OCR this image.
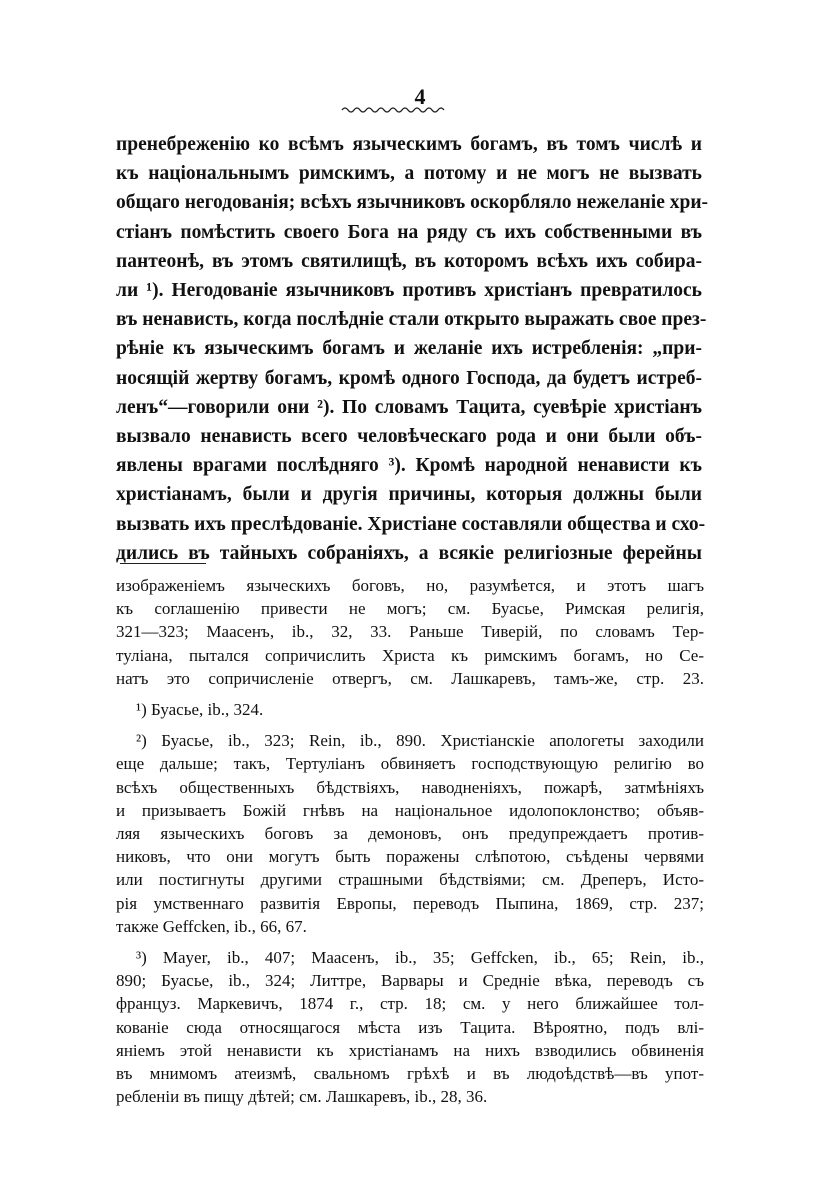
4
пренебреженію ко всѣмъ языческимъ богамъ, въ томъ числѣ и
къ національнымъ римскимъ, а потому и не могъ не вызвать
общаго негодованія; всѣхъ язычниковъ оскорбляло нежеланіе хри-
стіанъ помѣстить своего Бога на ряду съ ихъ собственными въ
пантеонѣ, въ этомъ святилищѣ, въ которомъ всѣхъ ихъ собира-
ли ¹). Негодованіе язычниковъ противъ христіанъ превратилось
въ ненависть, когда послѣдніе стали открыто выражать свое през-
рѣніе къ языческимъ богамъ и желаніе ихъ истребленія: „при-
носящій жертву богамъ, кромѣ одного Господа, да будетъ истреб-
ленъ“—говорили они ²). По словамъ Тацита, суевѣріе христіанъ
вызвало ненависть всего человѣческаго рода и они были объ-
явлены врагами послѣдняго ³). Кромѣ народной ненависти къ
христіанамъ, были и другія причины, которыя должны были
вызвать ихъ преслѣдованіе. Христіане составляли общества и схо-
дились въ тайныхъ собраніяхъ, а всякіе религіозные ферейны
изображеніемъ языческихъ боговъ, но, разумѣется, и этотъ шагъ
къ соглашенію привести не могъ; см. Буасье, Римская религія,
321—323; Маасенъ, ib., 32, 33. Раньше Тиверій, по словамъ Тер-
туліана, пытался сопричислить Христа къ римскимъ богамъ, но Се-
натъ это сопричисленіе отвергъ, см. Лашкаревъ, тамъ-же, стр. 23.
¹) Буасье, ib., 324.
²) Буасье, ib., 323; Rein, ib., 890. Христіанскіе апологеты заходили
еще дальше; такъ, Тертуліанъ обвиняетъ господствующую религію во
всѣхъ общественныхъ бѣдствіяхъ, наводненіяхъ, пожарѣ, затмѣніяхъ
и призываетъ Божій гнѣвъ на національное идолопоклонство; объяв-
ляя языческихъ боговъ за демоновъ, онъ предупреждаетъ против-
никовъ, что они могутъ быть поражены слѣпотою, съѣдены червями
или постигнуты другими страшными бѣдствіями; см. Дреперъ, Исто-
рія умственнаго развитія Европы, переводъ Пыпина, 1869, стр. 237;
также Geffcken, ib., 66, 67.
³) Mayer, ib., 407; Маасенъ, ib., 35; Geffcken, ib., 65; Rein, ib.,
890; Буасье, ib., 324; Литтре, Варвары и Средніе вѣка, переводъ съ
француз. Маркевичъ, 1874 г., стр. 18; см. у него ближайшее тол-
кованіе сюда относящагося мѣста изъ Тацита. Вѣроятно, подъ влі-
яніемъ этой ненависти къ христіанамъ на нихъ взводились обвиненія
въ мнимомъ атеизмѣ, свальномъ грѣхѣ и въ людоѣдствѣ—въ упот-
ребленіи въ пищу дѣтей; см. Лашкаревъ, ib., 28, 36.
